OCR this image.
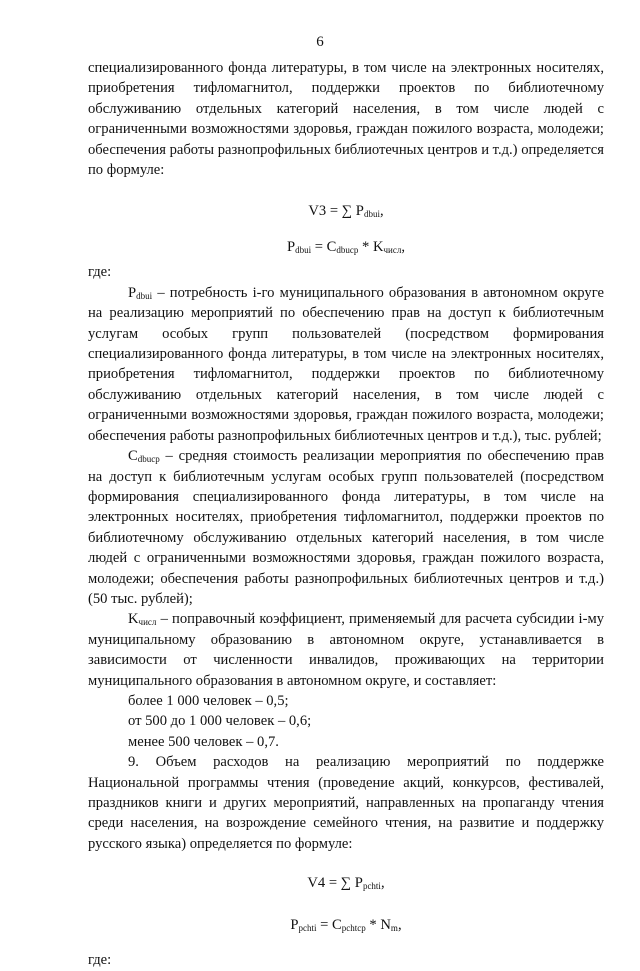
6

специализированного фонда литературы, в том числе на электронных носителях, приобретения тифломагнитол, поддержки проектов по библиотечному обслуживанию отдельных категорий населения, в том числе людей с ограниченными возможностями здоровья, граждан пожилого возраста, молодежи; обеспечения работы разнопрофильных библиотечных центров и т.д.) определяется по формуле:

V3 = ∑ $P_{dbui}$,
$P_{dbui} = C_{dbucp} * K_{числ}$,

где:

$P_{dbui}$ – потребность i-го муниципального образования в автономном округе на реализацию мероприятий по обеспечению прав на доступ к библиотечным услугам особых групп пользователей (посредством формирования специализированного фонда литературы, в том числе на электронных носителях, приобретения тифломагнитол, поддержки проектов по библиотечному обслуживанию отдельных категорий населения, в том числе людей с ограниченными возможностями здоровья, граждан пожилого возраста, молодежи; обеспечения работы разнопрофильных библиотечных центров и т.д.), тыс. рублей;

$C_{dbucp}$ – средняя стоимость реализации мероприятия по обеспечению прав на доступ к библиотечным услугам особых групп пользователей (посредством формирования специализированного фонда литературы, в том числе на электронных носителях, приобретения тифломагнитол, поддержки проектов по библиотечному обслуживанию отдельных категорий населения, в том числе людей с ограниченными возможностями здоровья, граждан пожилого возраста, молодежи; обеспечения работы разнопрофильных библиотечных центров и т.д.) (50 тыс. рублей);

$K_{числ}$ – поправочный коэффициент, применяемый для расчета субсидии i-му муниципальному образованию в автономном округе, устанавливается в зависимости от численности инвалидов, проживающих на территории муниципального образования в автономном округе, и составляет:

более 1 000 человек – 0,5;

от 500 до 1 000 человек – 0,6;

менее 500 человек – 0,7.

9. Объем расходов на реализацию мероприятий по поддержке Национальной программы чтения (проведение акций, конкурсов, фестивалей, праздников книги и других мероприятий, направленных на пропаганду чтения среди населения, на возрождение семейного чтения, на развитие и поддержку русского языка) определяется по формуле:

V4 = ∑ $P_{pchti}$,
$P_{pchti} = C_{pchtcp} * N_m$,

где:
